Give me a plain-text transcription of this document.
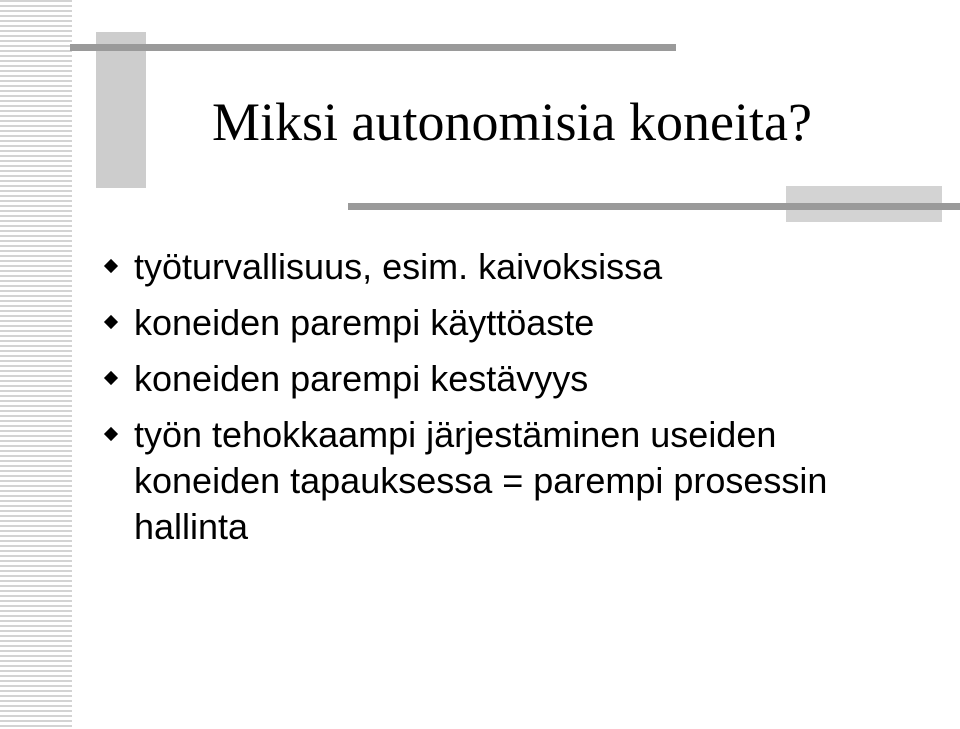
Miksi autonomisia koneita?
työturvallisuus, esim. kaivoksissa
koneiden parempi käyttöaste
koneiden parempi kestävyys
työn tehokkaampi järjestäminen useiden koneiden tapauksessa = parempi prosessin hallinta
